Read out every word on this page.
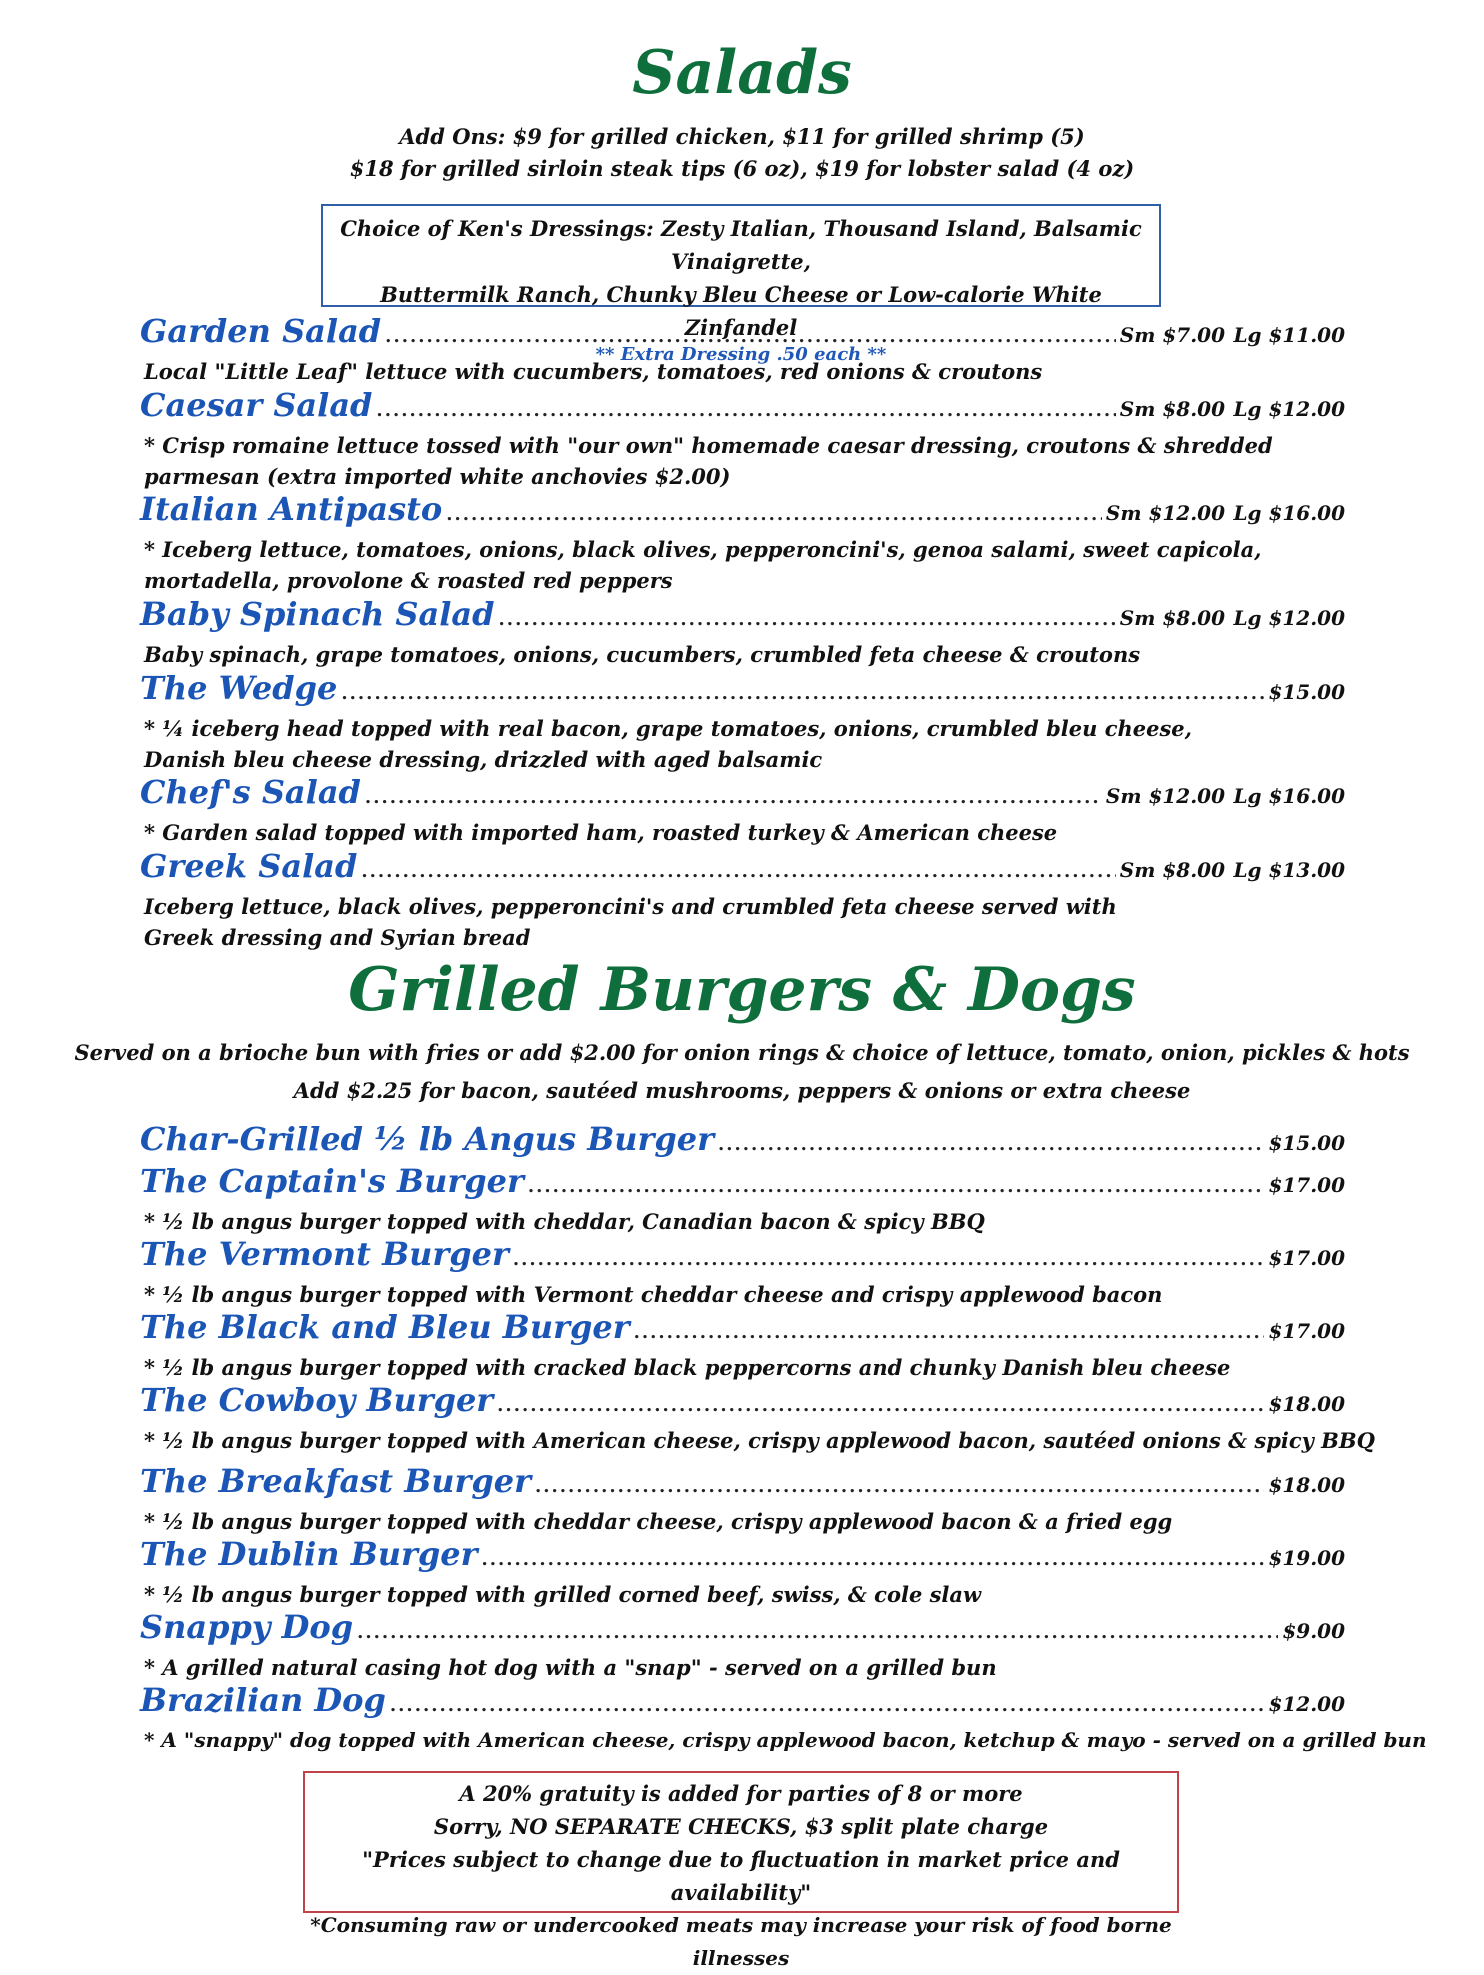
Salads
Add Ons: $9 for grilled chicken, $11 for grilled shrimp (5)
$18 for grilled sirloin steak tips (6 oz), $19 for lobster salad (4 oz)
Choice of Ken's Dressings: Zesty Italian, Thousand Island, Balsamic Vinaigrette,
Buttermilk Ranch, Chunky Bleu Cheese or Low-calorie White Zinfandel
** Extra Dressing .50 each **
Garden Salad .....	Sm $7.00 Lg $11.00
Local "Little Leaf" lettuce with cucumbers, tomatoes, red onions & croutons
Caesar Salad .....	Sm $8.00 Lg $12.00
* Crisp romaine lettuce tossed with "our own" homemade caesar dressing, croutons & shredded
parmesan (extra imported white anchovies $2.00)
Italian Antipasto .....	Sm $12.00 Lg $16.00
* Iceberg lettuce, tomatoes, onions, black olives, pepperoncini's, genoa salami, sweet capicola,
mortadella, provolone & roasted red peppers
Baby Spinach Salad .....	Sm $8.00 Lg $12.00
Baby spinach, grape tomatoes, onions, cucumbers, crumbled feta cheese & croutons
The Wedge .....	$15.00
* ¼ iceberg head topped with real bacon, grape tomatoes, onions, crumbled bleu cheese,
Danish bleu cheese dressing, drizzled with aged balsamic
Chef's Salad .....	Sm $12.00 Lg $16.00
* Garden salad topped with imported ham, roasted turkey & American cheese
Greek Salad .....	Sm $8.00 Lg $13.00
Iceberg lettuce, black olives, pepperoncini's and crumbled feta cheese served with
Greek dressing and Syrian bread
Grilled Burgers & Dogs
Served on a brioche bun with fries or add $2.00 for onion rings & choice of lettuce, tomato, onion, pickles & hots
Add $2.25 for bacon, sautéed mushrooms, peppers & onions or extra cheese
Char-Grilled ½ lb Angus Burger .....	$15.00
The Captain's Burger .....	$17.00
* ½ lb angus burger topped with cheddar, Canadian bacon & spicy BBQ
The Vermont Burger .....	$17.00
* ½ lb angus burger topped with Vermont cheddar cheese and crispy applewood bacon
The Black and Bleu Burger .....	$17.00
* ½ lb angus burger topped with cracked black peppercorns and chunky Danish bleu cheese
The Cowboy Burger .....	$18.00
* ½ lb angus burger topped with American cheese, crispy applewood bacon, sautéed onions & spicy BBQ
The Breakfast Burger .....	$18.00
* ½ lb angus burger topped with cheddar cheese, crispy applewood bacon & a fried egg
The Dublin Burger .....	$19.00
* ½ lb angus burger topped with grilled corned beef, swiss, & cole slaw
Snappy Dog .....	$9.00
* A grilled natural casing hot dog with a "snap" - served on a grilled bun
Brazilian Dog .....	$12.00
* A "snappy" dog topped with American cheese, crispy applewood bacon, ketchup & mayo - served on a grilled bun
A 20% gratuity is added for parties of 8 or more
Sorry, NO SEPARATE CHECKS, $3 split plate charge
"Prices subject to change due to fluctuation in market price and availability"
*Consuming raw or undercooked meats may increase your risk of food borne illnesses
